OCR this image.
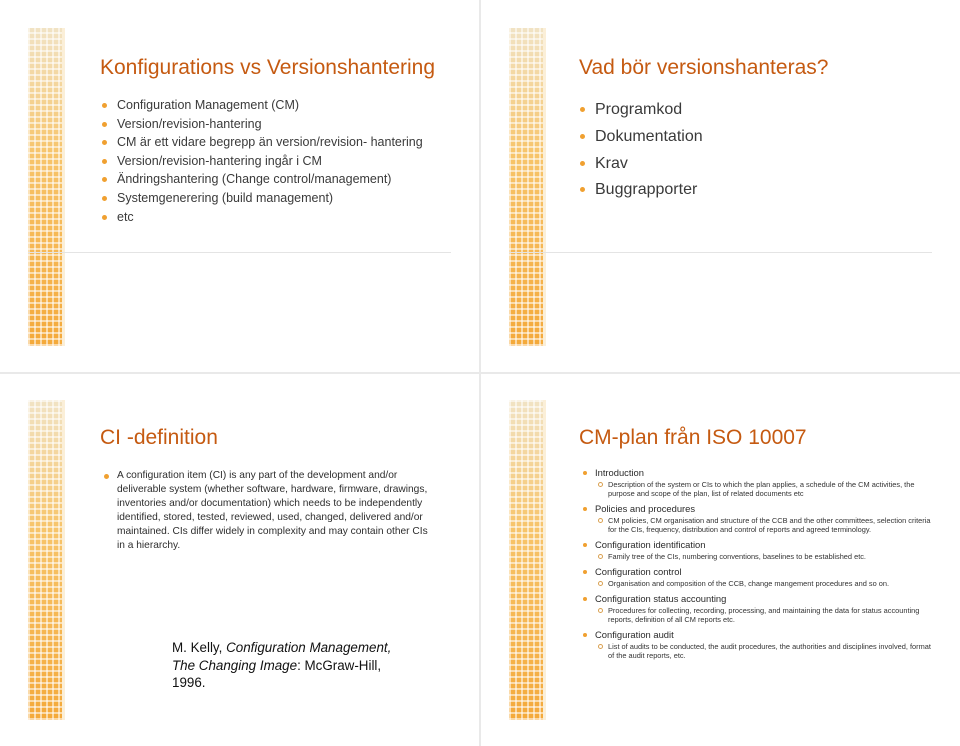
Konfigurations vs Versionshantering
Configuration Management (CM)
Version/revision-hantering
CM är ett vidare begrepp än version/revision- hantering
Version/revision-hantering ingår i CM
Ändringshantering (Change control/management)
Systemgenerering (build management)
etc
Vad bör versionshanteras?
Programkod
Dokumentation
Krav
Buggrapporter
CI -definition

A configuration item (CI) is any part of the development and/or deliverable system (whether software, hardware, firmware, drawings, inventories and/or documentation) which needs to be independently identified, stored, tested, reviewed, used, changed, delivered and/or maintained. CIs differ widely in complexity and may contain other CIs in a hierarchy.

M. Kelly, Configuration Management,
The Changing Image: McGraw-Hill,
1996.

CM-plan från ISO 10007
Introduction
Description of the system or CIs to which the plan applies, a schedule of the CM activities, the purpose and scope of the plan, list of related documents etc
Policies and procedures
CM policies, CM organisation and structure of the CCB and the other committees, selection criteria for the CIs, frequency, distribution and control of reports and agreed terminology.
Configuration identification
Family tree of the CIs, numbering conventions, baselines to be established etc.
Configuration control
Organisation and composition of the CCB, change mangement procedures and so on.
Configuration status accounting
Procedures for collecting, recording, processing, and maintaining the data for status accounting reports, definition of all CM reports etc.
Configuration audit
List of audits to be conducted, the audit procedures, the authorities and disciplines involved, format of the audit reports, etc.
